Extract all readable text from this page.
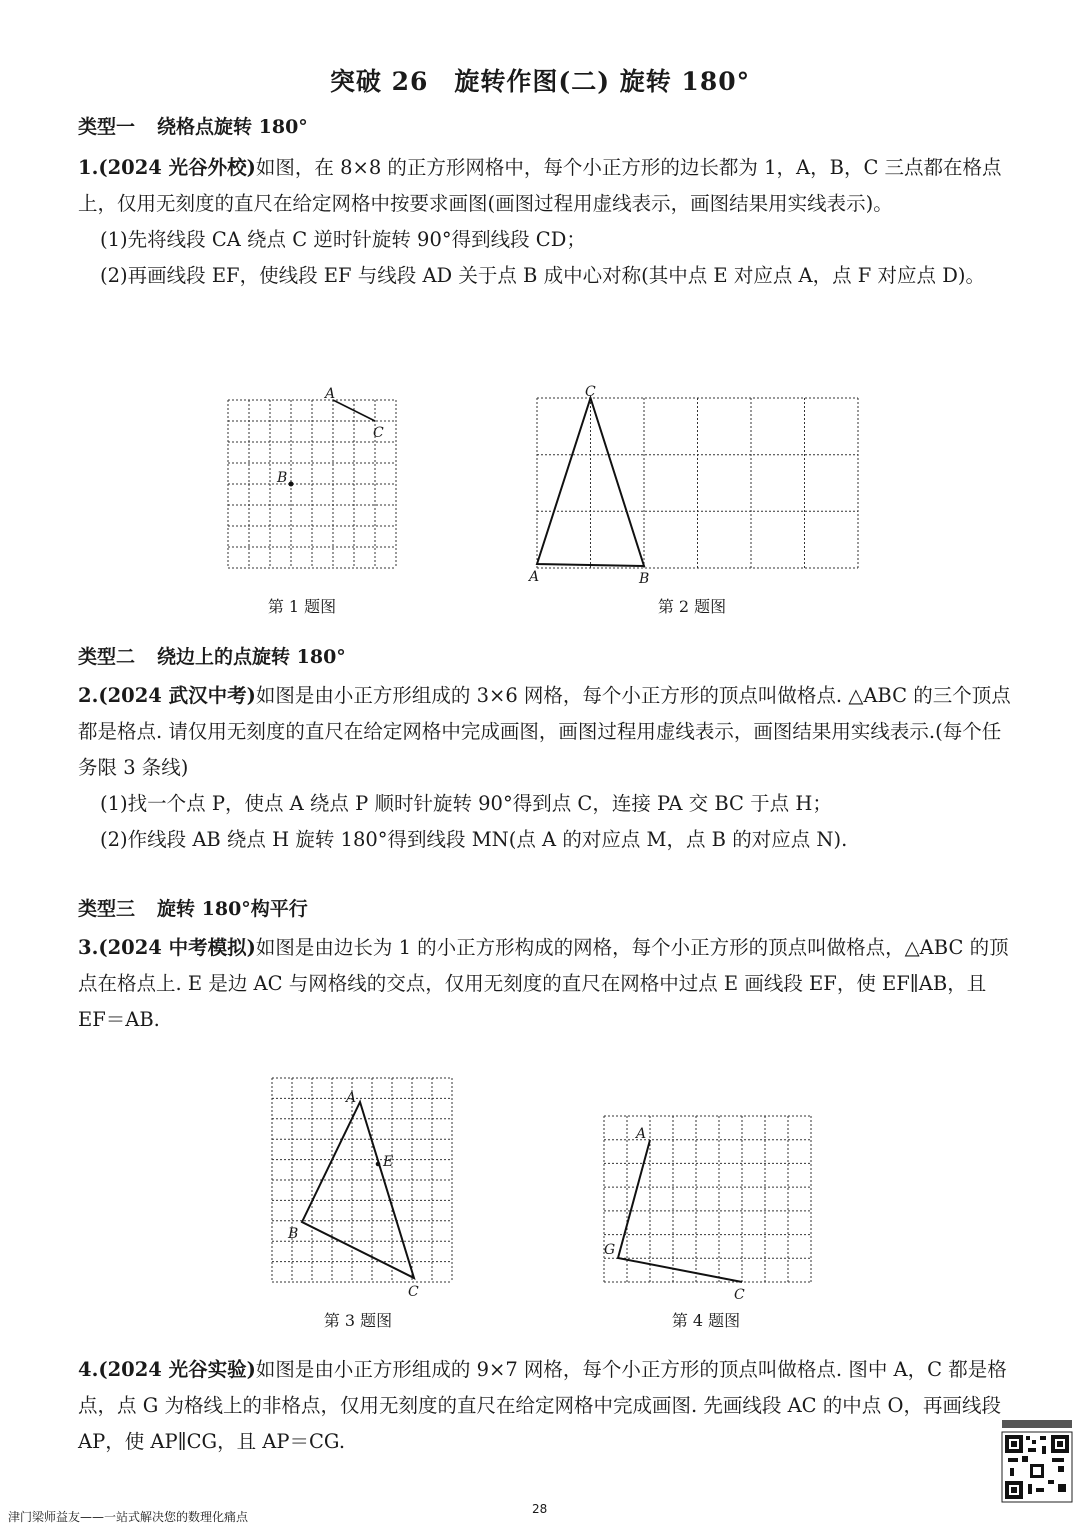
突破 26　旋转作图(二) 旋转 180°
类型一 绕格点旋转 180°
1.(2024 光谷外校)如图，在 8×8 的正方形网格中，每个小正方形的边长都为 1，A，B，C 三点都在格点上，仅用无刻度的直尺在给定网格中按要求画图(画图过程用虚线表示，画图结果用实线表示)。
(1)先将线段 CA 绕点 C 逆时针旋转 90°得到线段 CD；
(2)再画线段 EF，使线段 EF 与线段 AD 关于点 B 成中心对称(其中点 E 对应点 A，点 F 对应点 D)。
A
B
C
第 1 题图
A	B
C
第 2 题图
类型二 绕边上的点旋转 180°
2.(2024 武汉中考)如图是由小正方形组成的 3×6 网格，每个小正方形的顶点叫做格点. △ABC 的三个顶点都是格点. 请仅用无刻度的直尺在给定网格中完成画图，画图过程用虚线表示，画图结果用实线表示.(每个任务限 3 条线)
(1)找一个点 P，使点 A 绕点 P 顺时针旋转 90°得到点 C，连接 PA 交 BC 于点 H；
(2)作线段 AB 绕点 H 旋转 180°得到线段 MN(点 A 的对应点 M，点 B 的对应点 N).
类型三 旋转 180°构平行
3.(2024 中考模拟)如图是由边长为 1 的小正方形构成的网格，每个小正方形的顶点叫做格点，△ABC 的顶点在格点上. E 是边 AC 与网格线的交点，仅用无刻度的直尺在网格中过点 E 画线段 EF，使 EF∥AB，且 EF＝AB.
A
B
C
E
第 3 题图
A
G
C
第 4 题图
4.(2024 光谷实验)如图是由小正方形组成的 9×7 网格，每个小正方形的顶点叫做格点. 图中 A，C 都是格点，点 G 为格线上的非格点，仅用无刻度的直尺在给定网格中完成画图. 先画线段 AC 的中点 O，再画线段 AP，使 AP∥CG，且 AP＝CG.
28
津门梁师益友——一站式解决您的数理化痛点
